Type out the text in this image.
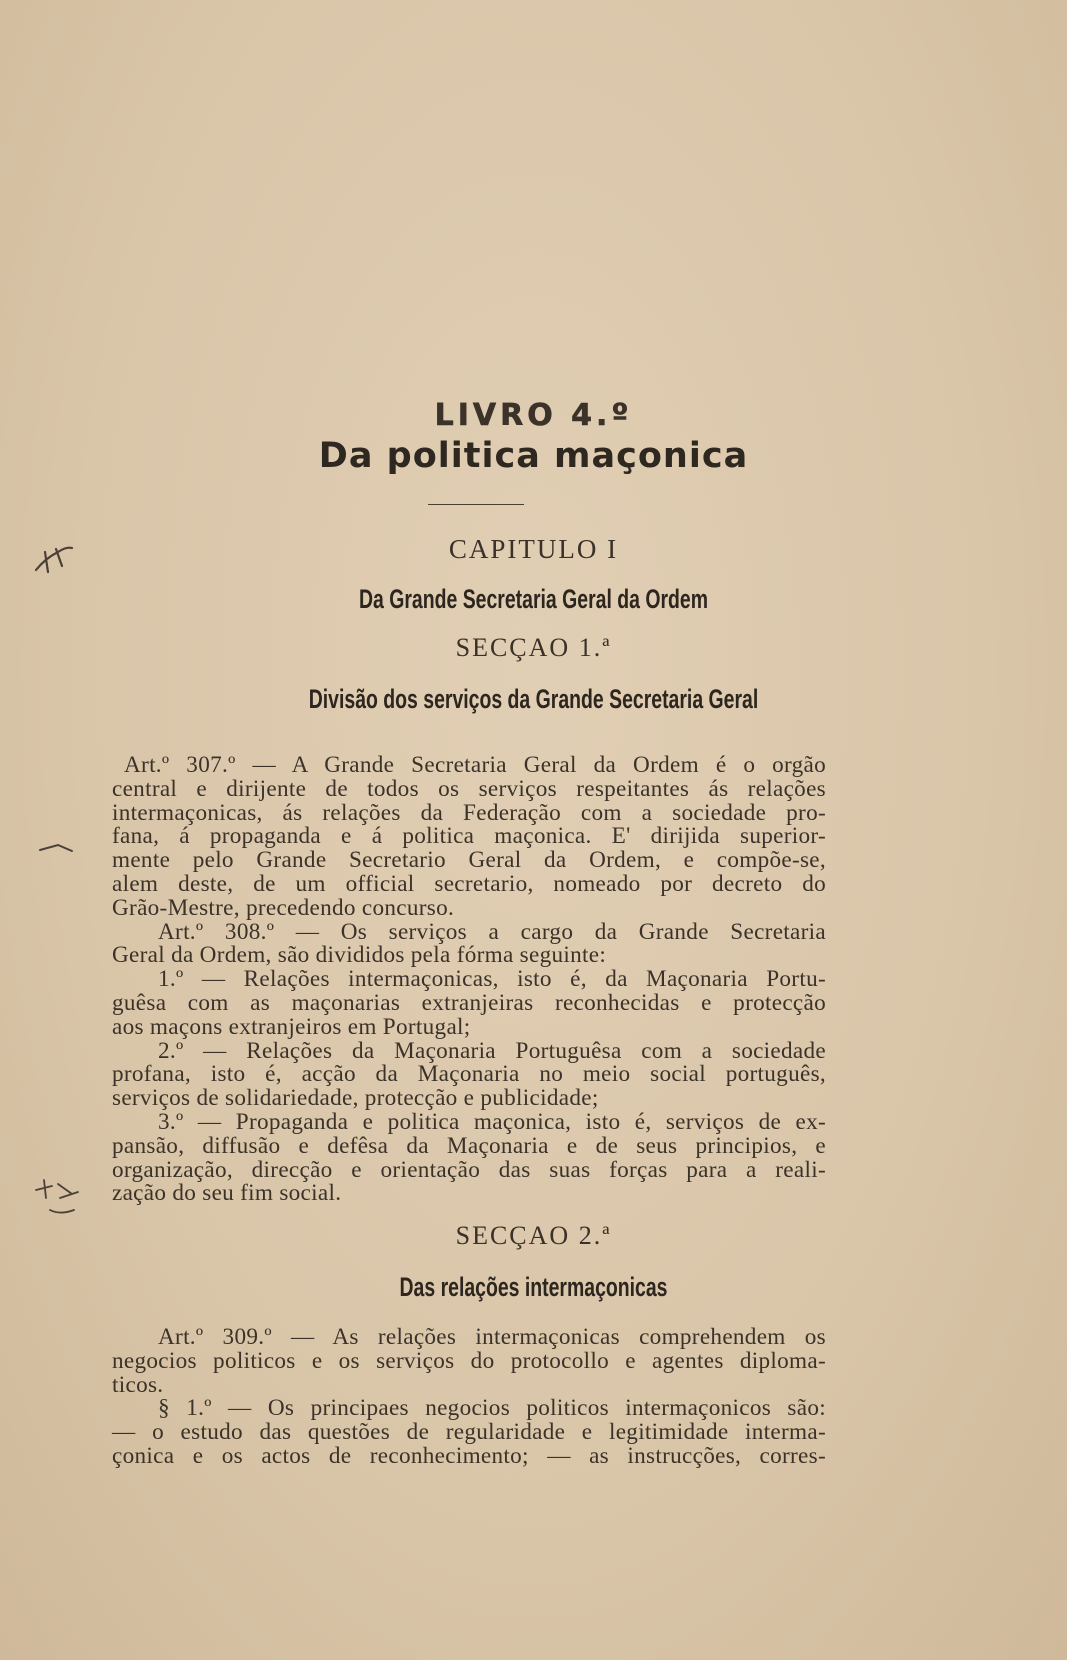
LIVRO 4.º
Da politica maçonica
CAPITULO I
Da Grande Secretaria Geral da Ordem
SECÇAO 1.ª
Divisão dos serviços da Grande Secretaria Geral

Art.º 307.º — A Grande Secretaria Geral da Ordem é o orgão

central e dirijente de todos os serviços respeitantes ás relações

intermaçonicas, ás relações da Federação com a sociedade pro-

fana, á propaganda e á politica maçonica. E' dirijida superior-

mente pelo Grande Secretario Geral da Ordem, e compõe-se,

alem deste, de um official secretario, nomeado por decreto do

Grão-Mestre, precedendo concurso.

Art.º 308.º — Os serviços a cargo da Grande Secretaria

Geral da Ordem, são divididos pela fórma seguinte:

1.º — Relações intermaçonicas, isto é, da Maçonaria Portu-

guêsa com as maçonarias extranjeiras reconhecidas e protecção

aos maçons extranjeiros em Portugal;

2.º — Relações da Maçonaria Portuguêsa com a sociedade

profana, isto é, acção da Maçonaria no meio social português,

serviços de solidariedade, protecção e publicidade;

3.º — Propaganda e politica maçonica, isto é, serviços de ex-

pansão, diffusão e defêsa da Maçonaria e de seus principios, e

organização, direcção e orientação das suas forças para a reali-

zação do seu fim social.

SECÇAO 2.ª
Das relações intermaçonicas

Art.º 309.º — As relações intermaçonicas comprehendem os

negocios politicos e os serviços do protocollo e agentes diploma-

ticos.

§ 1.º — Os principaes negocios politicos intermaçonicos são:

— o estudo das questões de regularidade e legitimidade interma-

çonica e os actos de reconhecimento; — as instrucções, corres-
